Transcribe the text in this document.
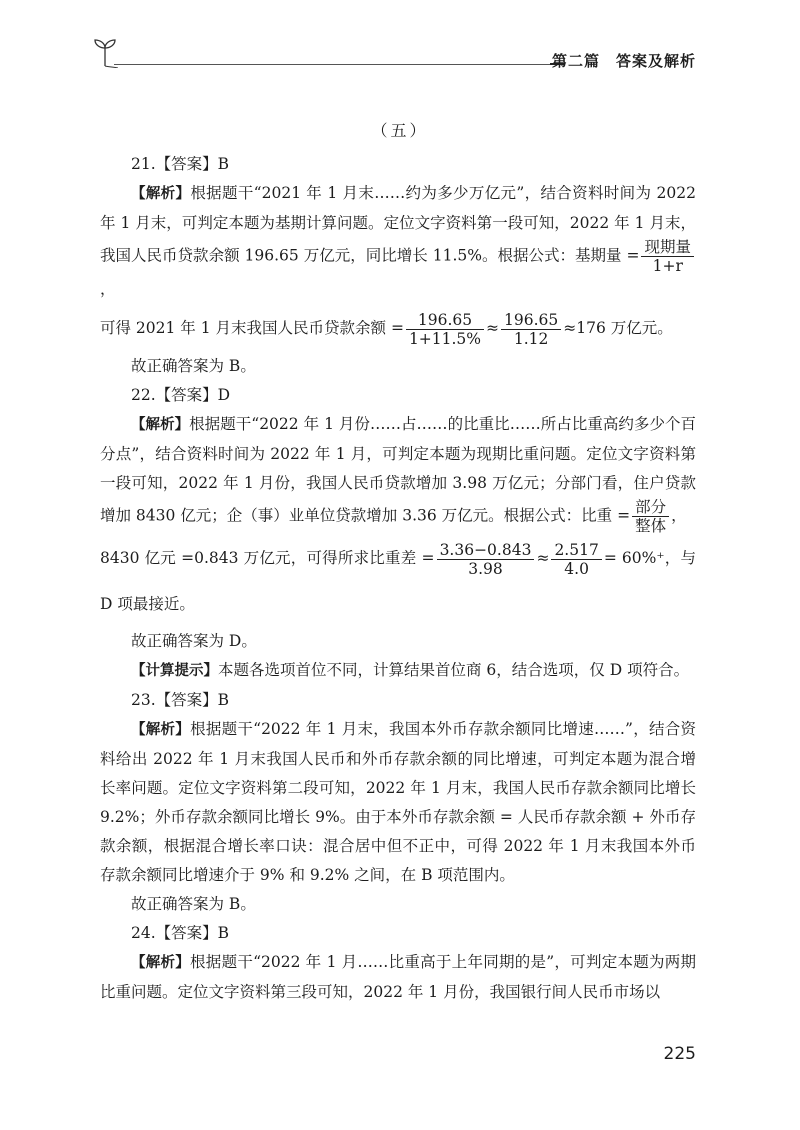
第二篇　答案及解析
（五）

21.【答案】B

【解析】根据题干“2021 年 1 月末……约为多少万亿元”，结合资料时间为 2022 年 1 月末，可判定本题为基期计算问题。定位文字资料第一段可知，2022 年 1 月末，我国人民币贷款余额 196.65 万亿元，同比增长 11.5%。根据公式：基期量 = $\frac{\text{现期量}}{1+r}$
，

可得 2021 年 1 月末我国人民币贷款余额 = $\frac{196.65}{1+11.5\%} \approx \frac{196.65}{1.12} \approx 176$ 万亿元。

故正确答案为 B。

22.【答案】D

【解析】根据题干“2022 年 1 月份……占……的比重比……所占比重高约多少个百分点”，结合资料时间为 2022 年 1 月，可判定本题为现期比重问题。定位文字资料第一段可知，2022 年 1 月份，我国人民币贷款增加 3.98 万亿元；分部门看，住户贷款增加 8430 亿元；企（事）业单位贷款增加 3.36 万亿元。根据公式：比重 = $\frac{\text{部分}}{\text{整体}}$ ，

8430 亿元 =0.843 万亿元，可得所求比重差 = $\frac{3.36-0.843}{3.98} \approx \frac{2.517}{4.0} = 60\%^+$，与 D 项最接近。

故正确答案为 D。

【计算提示】本题各选项首位不同，计算结果首位商 6，结合选项，仅 D 项符合。

23.【答案】B

【解析】根据题干“2022 年 1 月末，我国本外币存款余额同比增速……”，结合资料给出 2022 年 1 月末我国人民币和外币存款余额的同比增速，可判定本题为混合增长率问题。定位文字资料第二段可知，2022 年 1 月末，我国人民币存款余额同比增长 9.2%；外币存款余额同比增长 9%。由于本外币存款余额 = 人民币存款余额 + 外币存款余额，根据混合增长率口诀：混合居中但不正中，可得 2022 年 1 月末我国本外币存款余额同比增速介于 9% 和 9.2% 之间，在 B 项范围内。

故正确答案为 B。

24.【答案】B

【解析】根据题干“2022 年 1 月……比重高于上年同期的是”，可判定本题为两期比重问题。定位文字资料第三段可知，2022 年 1 月份，我国银行间人民币市场以

225
